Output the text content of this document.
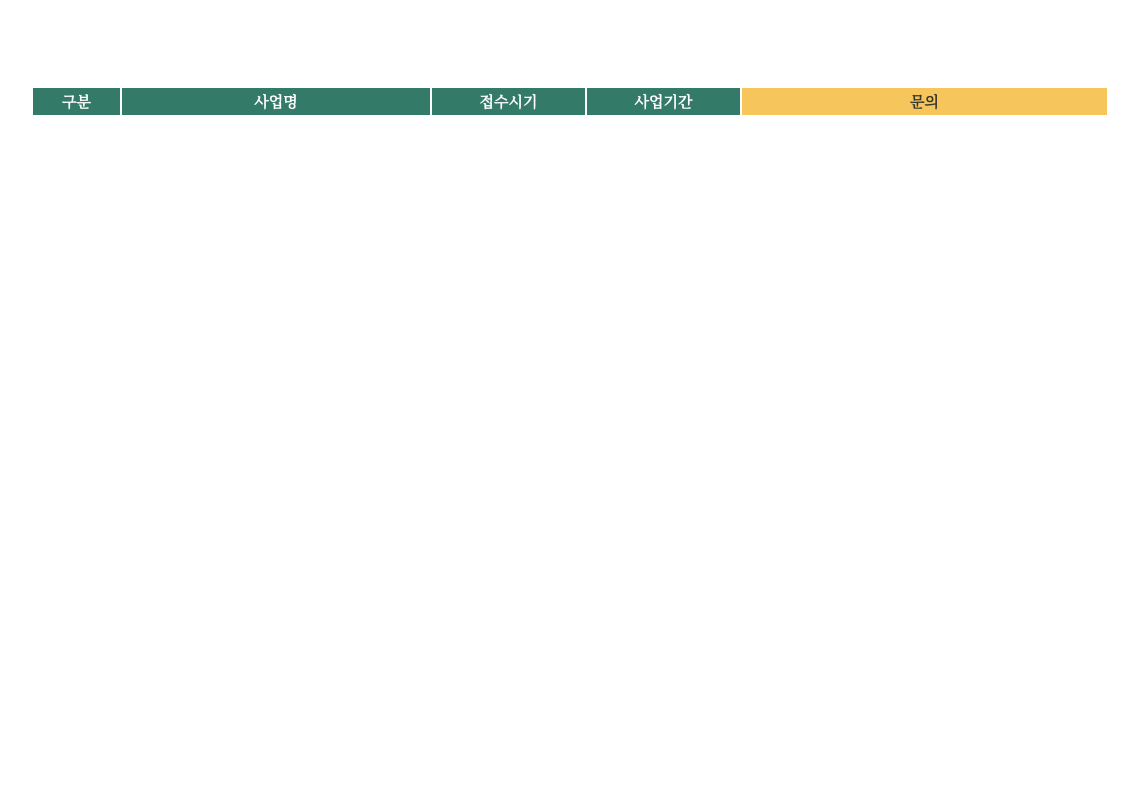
구분	사업명	접수시기	사업기간	문의
